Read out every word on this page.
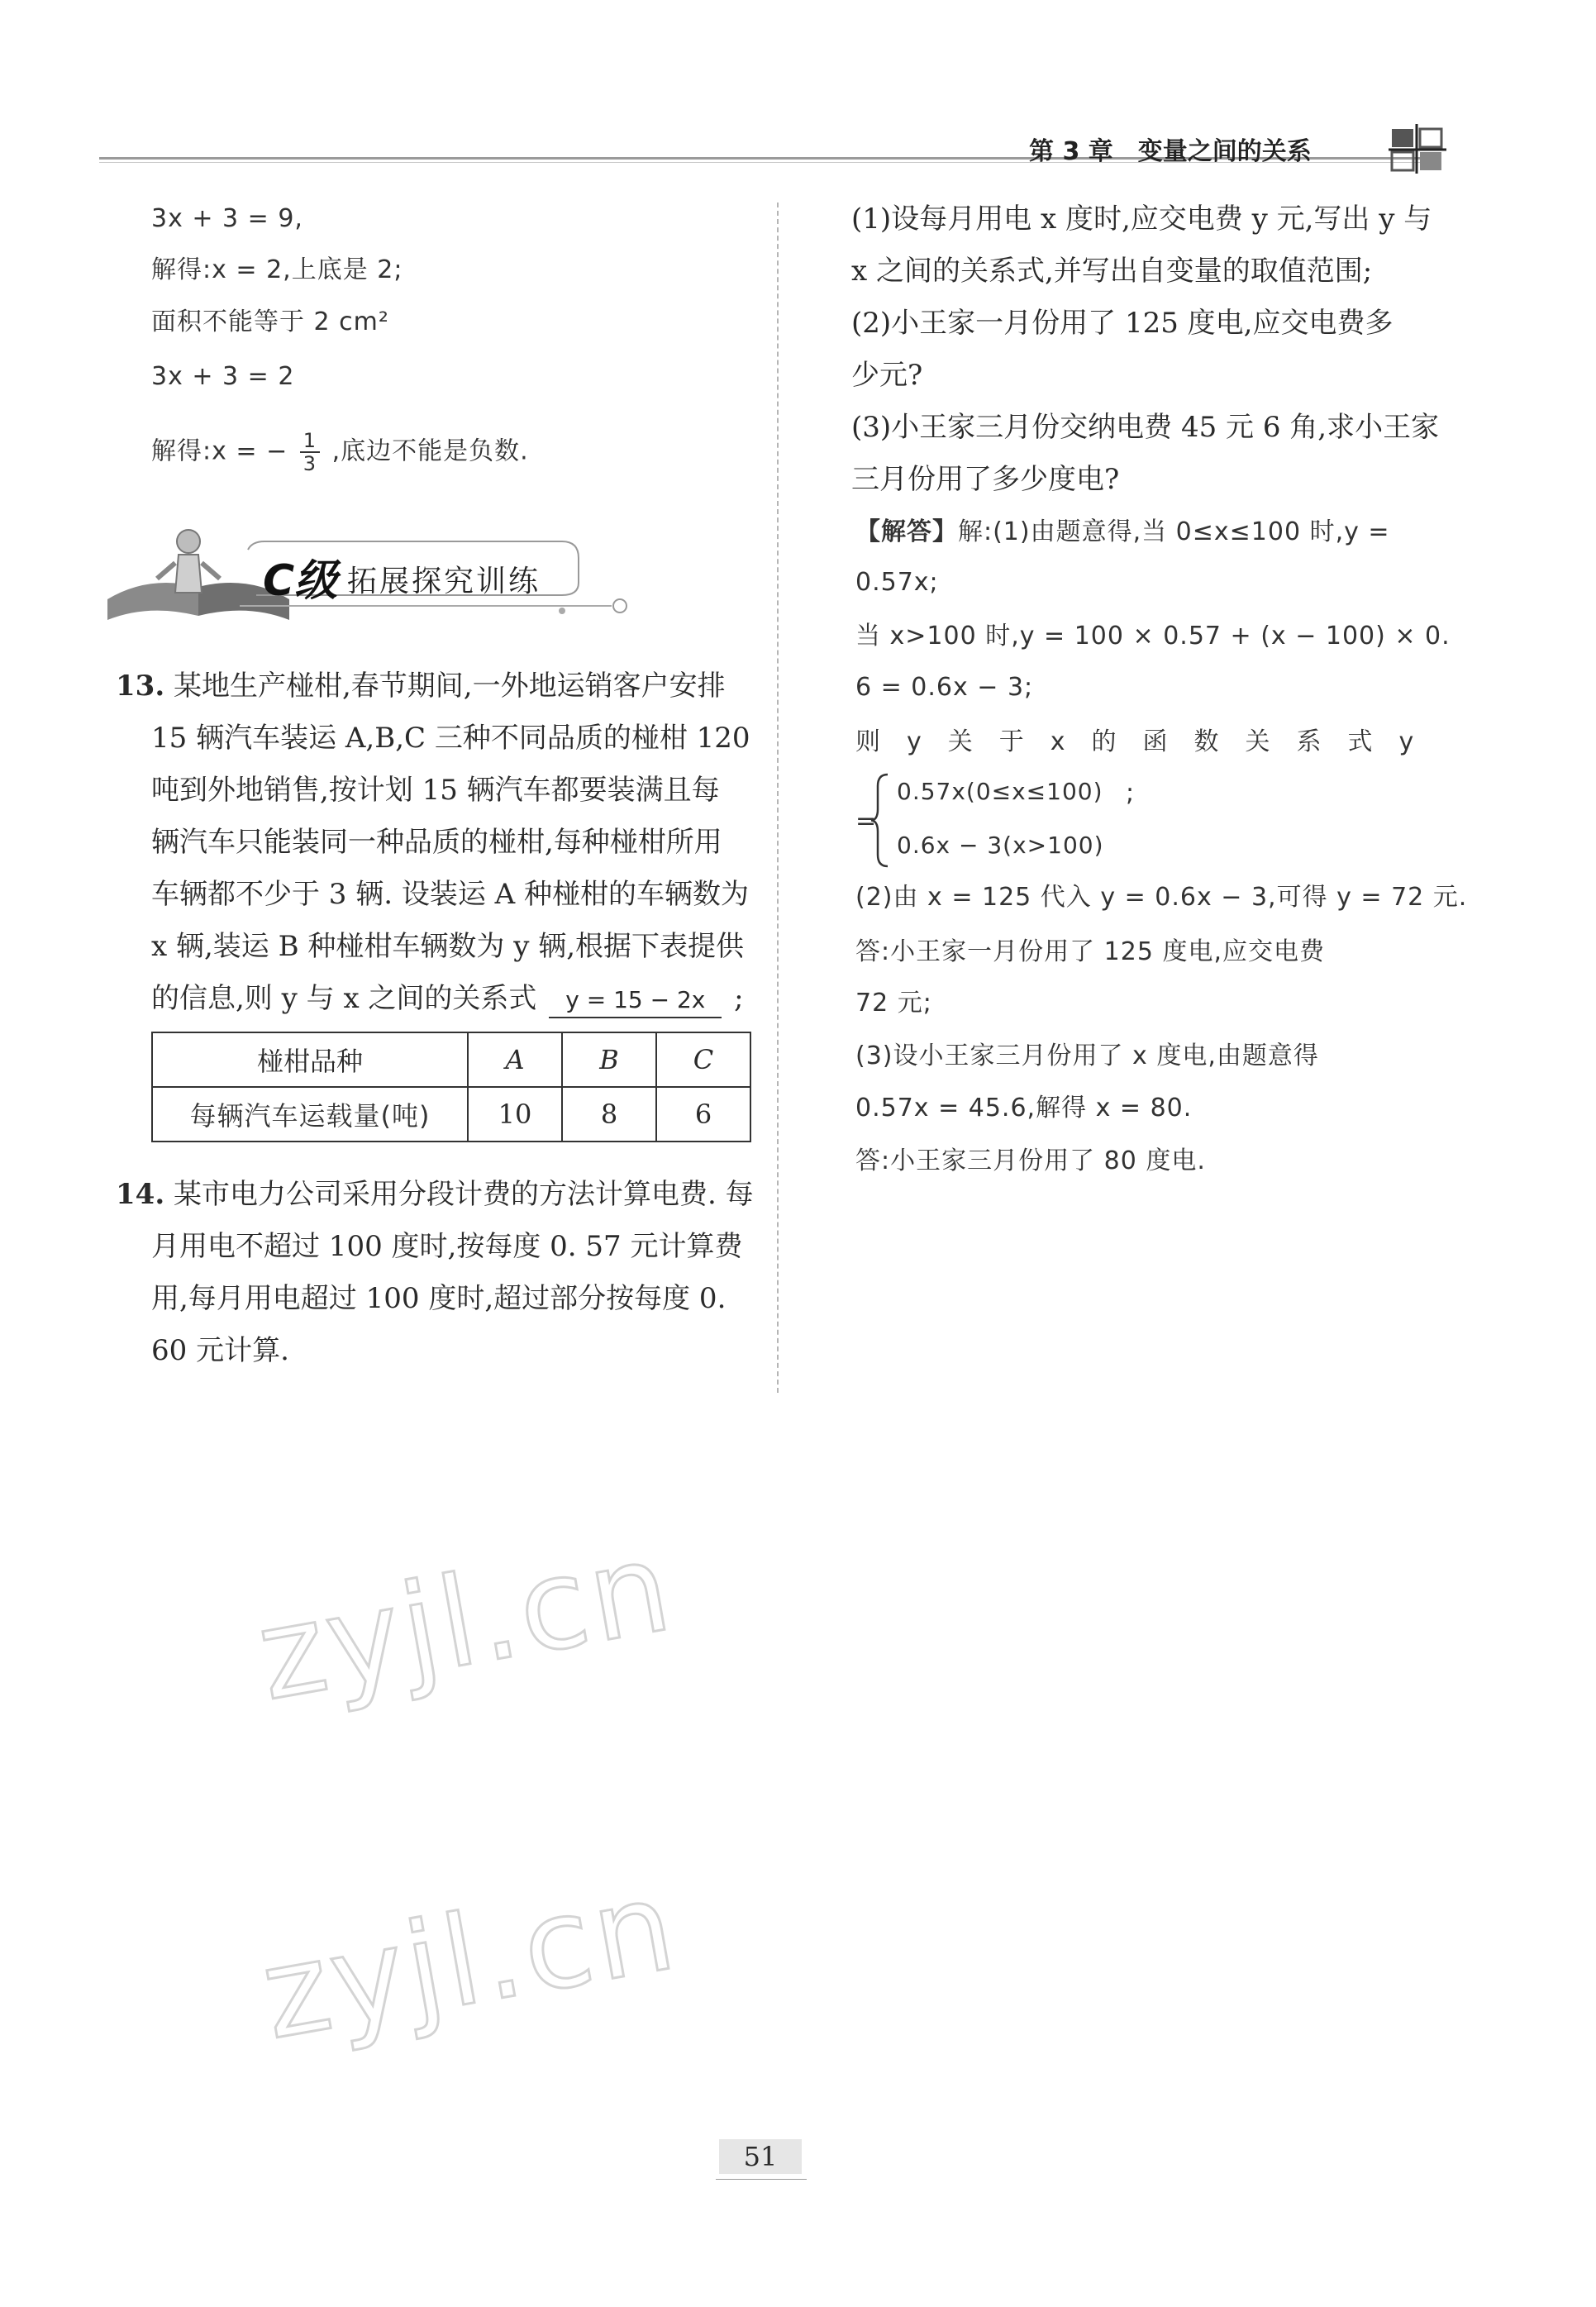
第 3 章　变量之间的关系
3x + 3 = 9,
解得:x = 2,上底是 2;
面积不能等于 2 cm²
3x + 3 = 2
解得:x = − $\frac{1}{3}$ ,底边不能是负数.
C级 拓展探究训练
13. 某地生产椪柑,春节期间,一外地运销客户安排
15 辆汽车装运 A,B,C 三种不同品质的椪柑 120
吨到外地销售,按计划 15 辆汽车都要装满且每
辆汽车只能装同一种品质的椪柑,每种椪柑所用
车辆都不少于 3 辆. 设装运 A 种椪柑的车辆数为
x 辆,装运 B 种椪柑车辆数为 y 辆,根据下表提供
的信息,则 y 与 x 之间的关系式 y = 15 − 2x ;
椪柑品种	A	B	C
每辆汽车运载量(吨)	10	8	6
14. 某市电力公司采用分段计费的方法计算电费. 每
月用电不超过 100 度时,按每度 0. 57 元计算费
用,每月用电超过 100 度时,超过部分按每度 0.
60 元计算.
(1)设每月用电 x 度时,应交电费 y 元,写出 y 与
x 之间的关系式,并写出自变量的取值范围;
(2)小王家一月份用了 125 度电,应交电费多
少元?
(3)小王家三月份交纳电费 45 元 6 角,求小王家
三月份用了多少度电?
【解答】解:(1)由题意得,当 0≤x≤100 时,y =
0.57x;
当 x>100 时,y = 100 × 0.57 + (x − 100) × 0.
6 = 0.6x − 3;
则　y　关　于　x　的　函　数　关　系　式　y
=
0.57x(0≤x≤100)
0.6x − 3(x>100)
;
(2)由 x = 125 代入 y = 0.6x − 3,可得 y = 72 元.
答:小王家一月份用了 125 度电,应交电费
72 元;
(3)设小王家三月份用了 x 度电,由题意得
0.57x = 45.6,解得 x = 80.
答:小王家三月份用了 80 度电.
zyjl.cn
zyjl.cn
51
